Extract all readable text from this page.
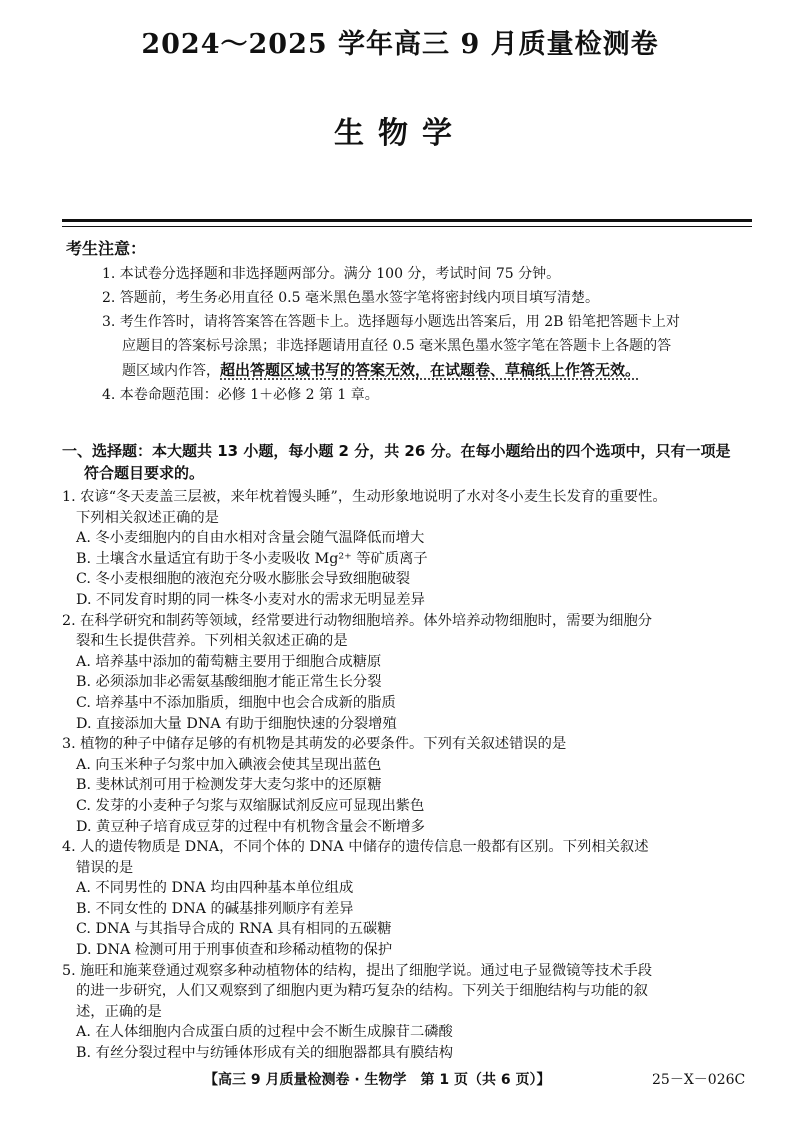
2024～2025 学年高三 9 月质量检测卷
生物学
考生注意：
1. 本试卷分选择题和非选择题两部分。满分 100 分，考试时间 75 分钟。
2. 答题前，考生务必用直径 0.5 毫米黑色墨水签字笔将密封线内项目填写清楚。
3. 考生作答时，请将答案答在答题卡上。选择题每小题选出答案后，用 2B 铅笔把答题卡上对
应题目的答案标号涂黑；非选择题请用直径 0.5 毫米黑色墨水签字笔在答题卡上各题的答
题区域内作答，超出答题区域书写的答案无效，在试题卷、草稿纸上作答无效。
4. 本卷命题范围：必修 1＋必修 2 第 1 章。
一、选择题：本大题共 13 小题，每小题 2 分，共 26 分。在每小题给出的四个选项中，只有一项是
符合题目要求的。
1. 农谚“冬天麦盖三层被，来年枕着馒头睡”，生动形象地说明了水对冬小麦生长发育的重要性。
下列相关叙述正确的是
A. 冬小麦细胞内的自由水相对含量会随气温降低而增大
B. 土壤含水量适宜有助于冬小麦吸收 Mg²⁺ 等矿质离子
C. 冬小麦根细胞的液泡充分吸水膨胀会导致细胞破裂
D. 不同发育时期的同一株冬小麦对水的需求无明显差异
2. 在科学研究和制药等领域，经常要进行动物细胞培养。体外培养动物细胞时，需要为细胞分
裂和生长提供营养。下列相关叙述正确的是
A. 培养基中添加的葡萄糖主要用于细胞合成糖原
B. 必须添加非必需氨基酸细胞才能正常生长分裂
C. 培养基中不添加脂质，细胞中也会合成新的脂质
D. 直接添加大量 DNA 有助于细胞快速的分裂增殖
3. 植物的种子中储存足够的有机物是其萌发的必要条件。下列有关叙述错误的是
A. 向玉米种子匀浆中加入碘液会使其呈现出蓝色
B. 斐林试剂可用于检测发芽大麦匀浆中的还原糖
C. 发芽的小麦种子匀浆与双缩脲试剂反应可显现出紫色
D. 黄豆种子培育成豆芽的过程中有机物含量会不断增多
4. 人的遗传物质是 DNA，不同个体的 DNA 中储存的遗传信息一般都有区别。下列相关叙述
错误的是
A. 不同男性的 DNA 均由四种基本单位组成
B. 不同女性的 DNA 的碱基排列顺序有差异
C. DNA 与其指导合成的 RNA 具有相同的五碳糖
D. DNA 检测可用于刑事侦查和珍稀动植物的保护
5. 施旺和施莱登通过观察多种动植物体的结构，提出了细胞学说。通过电子显微镜等技术手段
的进一步研究，人们又观察到了细胞内更为精巧复杂的结构。下列关于细胞结构与功能的叙
述，正确的是
A. 在人体细胞内合成蛋白质的过程中会不断生成腺苷二磷酸
B. 有丝分裂过程中与纺锤体形成有关的细胞器都具有膜结构
【高三 9 月质量检测卷 · 生物学　第 1 页（共 6 页）】	25－X－026C
